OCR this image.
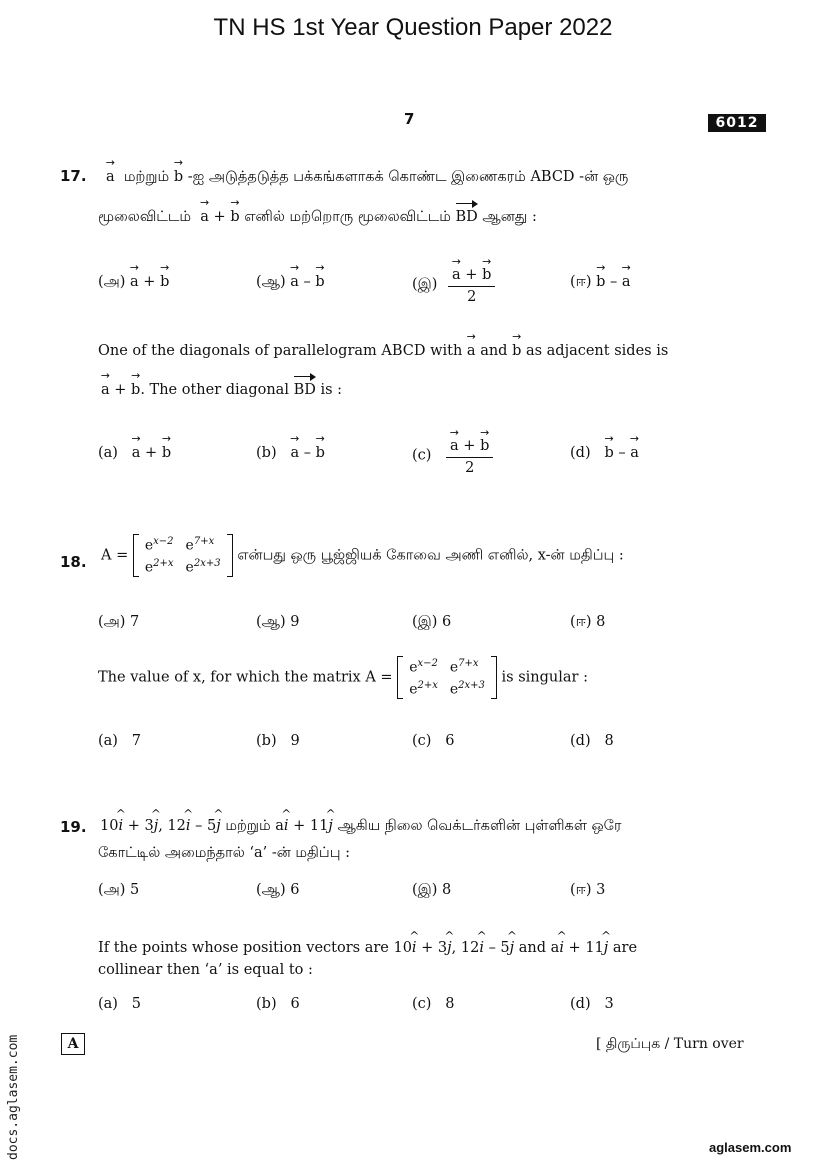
TN HS 1st Year Question Paper 2022
7	6012
17. → a மற்றும் → b -ஐ அடுத்தடுத்த பக்கங்களாகக் கொண்ட இணைகரம் ABCD -ன் ஒரு
மூலைவிட்டம் → a + → b எனில் மற்றொரு மூலைவிட்டம் BD ஆனது :
(அ) → a + → b	(ஆ) → a – → b	(இ) → $\frac{a + \to b}{2}$	(ஈ) → b – → a
One of the diagonals of parallelogram ABCD with → a and → b as adjacent sides is
→ a + → b. The other diagonal BD is :
(a) → a + → b	(b) → a – → b	$(c) \to \frac{a + \to b}{2}$	(d) → b – → a
18. A =
$e^{x-2}$	$e^{7+x}$
$e^{2+x}$	$e^{2x+3}$ என்பது ஒரு பூஜ்ஜியக் கோவை அணி எனில், x-ன் மதிப்பு :
(அ) 7	(ஆ) 9	(இ) 6	(ஈ) 8
The value of x, for which the matrix A =
$e^{x-2}$	$e^{7+x}$
$e^{2+x}$	$e^{2x+3}$ is singular :
(a) 7	(b) 9	(c) 6	(d) 8
19. 10^ i + 3^ j, 12^ i – 5^ j மற்றும் a^ i + 11^ j ஆகிய நிலை வெக்டர்களின் புள்ளிகள் ஒரே
கோட்டில் அமைந்தால் ‘a’ -ன் மதிப்பு :
(அ) 5	(ஆ) 6	(இ) 8	(ஈ) 3
If the points whose position vectors are 10^ i + 3^ j, 12^ i – 5^ j and a^ i + 11^ j are
collinear then ‘a’ is equal to :
(a) 5	(b) 6	(c) 8	(d) 3
A	[ திருப்புக / Turn over
docs.aglasem.com	aglasem.com
